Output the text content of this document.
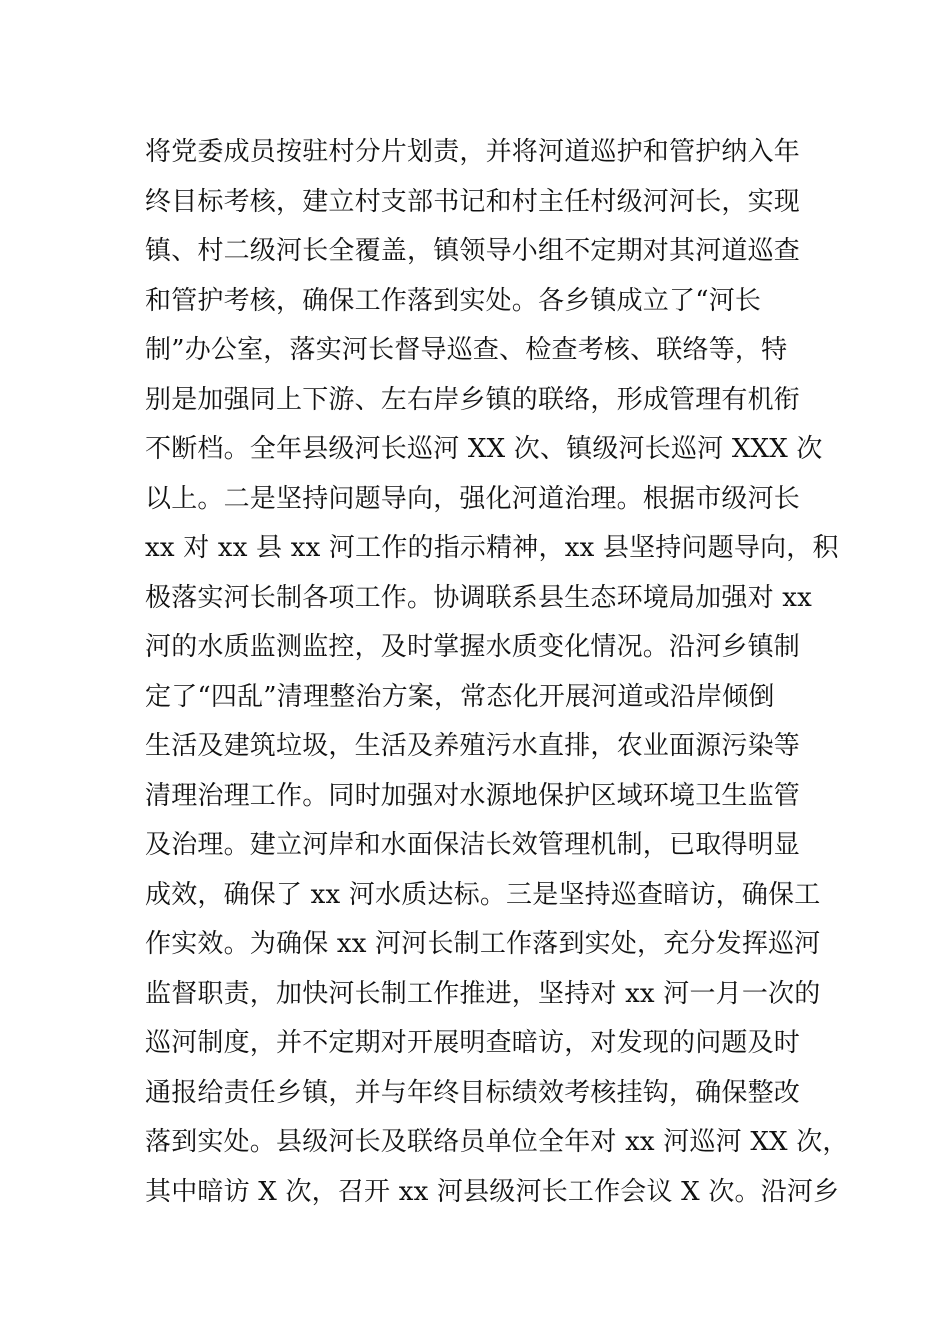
将党委成员按驻村分片划责，并将河道巡护和管护纳入年
终目标考核，建立村支部书记和村主任村级河河长，实现
镇、村二级河长全覆盖，镇领导小组不定期对其河道巡查
和管护考核，确保工作落到实处。各乡镇成立了“河长
制”办公室，落实河长督导巡查、检查考核、联络等，特
别是加强同上下游、左右岸乡镇的联络，形成管理有机衔
不断档。全年县级河长巡河 XX 次、镇级河长巡河 XXX 次
以上。二是坚持问题导向，强化河道治理。根据市级河长
xx 对 xx 县 xx 河工作的指示精神，xx 县坚持问题导向，积
极落实河长制各项工作。协调联系县生态环境局加强对 xx
河的水质监测监控，及时掌握水质变化情况。沿河乡镇制
定了“四乱”清理整治方案，常态化开展河道或沿岸倾倒
生活及建筑垃圾，生活及养殖污水直排，农业面源污染等
清理治理工作。同时加强对水源地保护区域环境卫生监管
及治理。建立河岸和水面保洁长效管理机制，已取得明显
成效，确保了 xx 河水质达标。三是坚持巡查暗访，确保工
作实效。为确保 xx 河河长制工作落到实处，充分发挥巡河
监督职责，加快河长制工作推进，坚持对 xx 河一月一次的
巡河制度，并不定期对开展明查暗访，对发现的问题及时
通报给责任乡镇，并与年终目标绩效考核挂钩，确保整改
落到实处。县级河长及联络员单位全年对 xx 河巡河 XX 次，
其中暗访 X 次，召开 xx 河县级河长工作会议 X 次。沿河乡
